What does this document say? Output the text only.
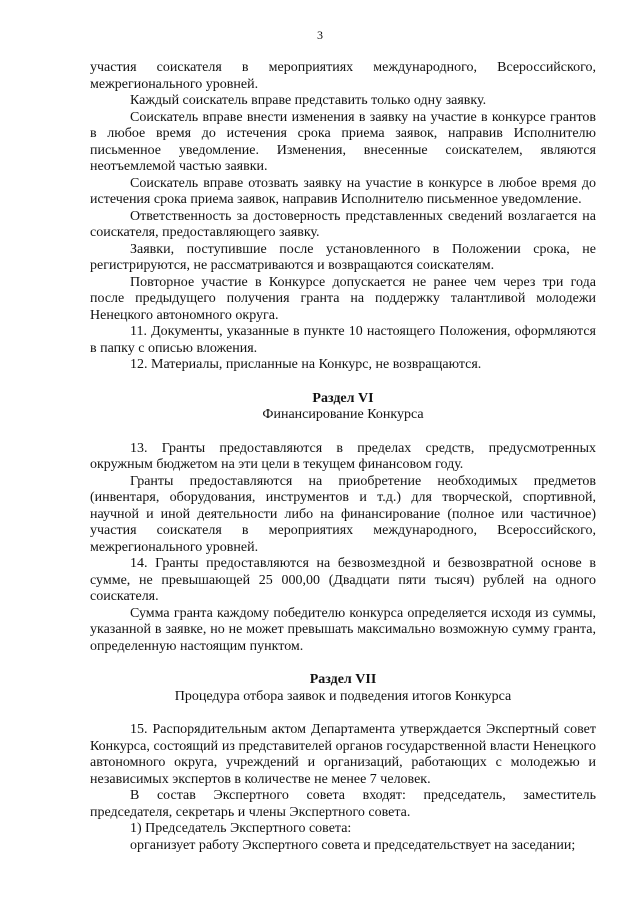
3

участия соискателя в мероприятиях международного, Всероссийского, межрегионального уровней.

Каждый соискатель вправе представить только одну заявку.

Соискатель вправе внести изменения в заявку на участие в конкурсе грантов в любое время до истечения срока приема заявок, направив Исполнителю письменное уведомление. Изменения, внесенные соискателем, являются неотъемлемой частью заявки.

Соискатель вправе отозвать заявку на участие в конкурсе в любое время до истечения срока приема заявок, направив Исполнителю письменное уведомление.

Ответственность за достоверность представленных сведений возлагается на соискателя, предоставляющего заявку.

Заявки, поступившие после установленного в Положении срока, не регистрируются, не рассматриваются и возвращаются соискателям.

Повторное участие в Конкурсе допускается не ранее чем через три года после предыдущего получения гранта на поддержку талантливой молодежи Ненецкого автономного округа.

11. Документы, указанные в пункте 10 настоящего Положения, оформляются в папку с описью вложения.

12. Материалы, присланные на Конкурс, не возвращаются.

Раздел VI

Финансирование Конкурса

13. Гранты предоставляются в пределах средств, предусмотренных окружным бюджетом на эти цели в текущем финансовом году.

Гранты предоставляются на приобретение необходимых предметов (инвентаря, оборудования, инструментов и т.д.) для творческой, спортивной, научной и иной деятельности либо на финансирование (полное или частичное) участия соискателя в мероприятиях международного, Всероссийского, межрегионального уровней.

14. Гранты предоставляются на безвозмездной и безвозвратной основе в сумме, не превышающей 25 000,00 (Двадцати пяти тысяч) рублей на одного соискателя.

Сумма гранта каждому победителю конкурса определяется исходя из суммы, указанной в заявке, но не может превышать максимально возможную сумму гранта, определенную настоящим пунктом.

Раздел VII

Процедура отбора заявок и подведения итогов Конкурса

15. Распорядительным актом Департамента утверждается Экспертный совет Конкурса, состоящий из представителей органов государственной власти Ненецкого автономного округа, учреждений и организаций, работающих с молодежью и независимых экспертов в количестве не менее 7 человек.

В состав Экспертного совета входят: председатель, заместитель председателя, секретарь и члены Экспертного совета.

1) Председатель Экспертного совета:

организует работу Экспертного совета и председательствует на заседании;
